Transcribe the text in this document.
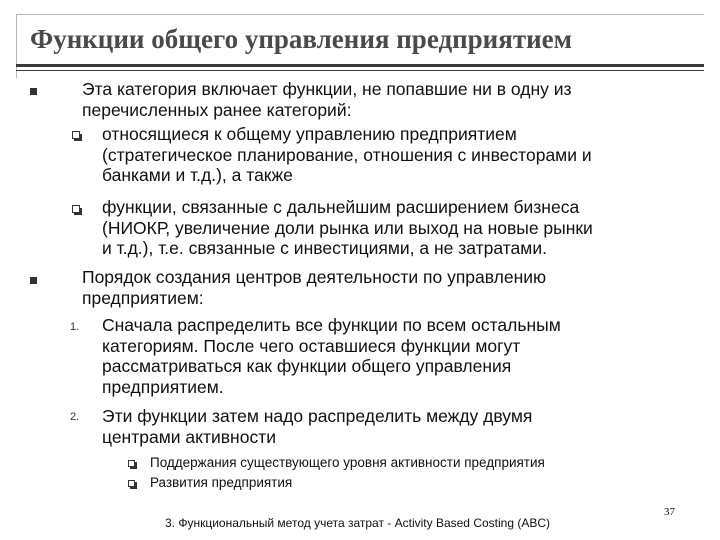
Функции общего управления предприятием
Эта категория включает функции, не попавшие ни в одну из
перечисленных ранее категорий:
относящиеся к общему управлению предприятием
(стратегическое планирование, отношения с инвесторами и
банками и т.д.), а также
функции, связанные с дальнейшим расширением бизнеса
(НИОКР, увеличение доли рынка или выход на новые рынки
и т.д.), т.е. связанные с инвестициями, а не затратами.
Порядок создания центров деятельности по управлению
предприятием:
1. Сначала распределить все функции по всем остальным
категориям. После чего оставшиеся функции могут
рассматриваться как функции общего управления
предприятием.
2. Эти функции затем надо распределить между двумя
центрами активности
Поддержания существующего уровня активности предприятия
Развития предприятия
3. Функциональный метод учета затрат - Activity Based Costing (ABC)
37
